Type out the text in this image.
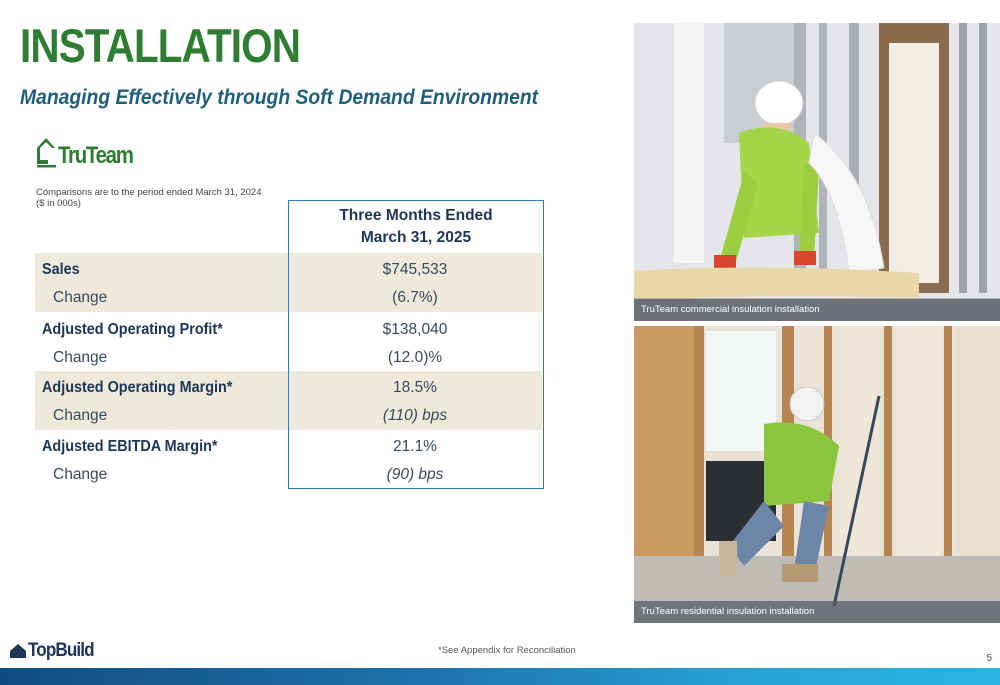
INSTALLATION
Managing Effectively through Soft Demand Environment
TruTeam
Comparisons are to the period ended March 31, 2024
($ in 000s)
Three Months Ended
March 31, 2025
Sales
Change
$745,533
(6.7%)
Adjusted Operating Profit*
Change
$138,040
(12.0)%
Adjusted Operating Margin*
Change
18.5%
(110) bps
Adjusted EBITDA Margin*
Change
21.1%
(90) bps
TruTeam commercial insulation installation
TruTeam residential insulation installation
TopBuild	*See Appendix for Reconciliation
5
